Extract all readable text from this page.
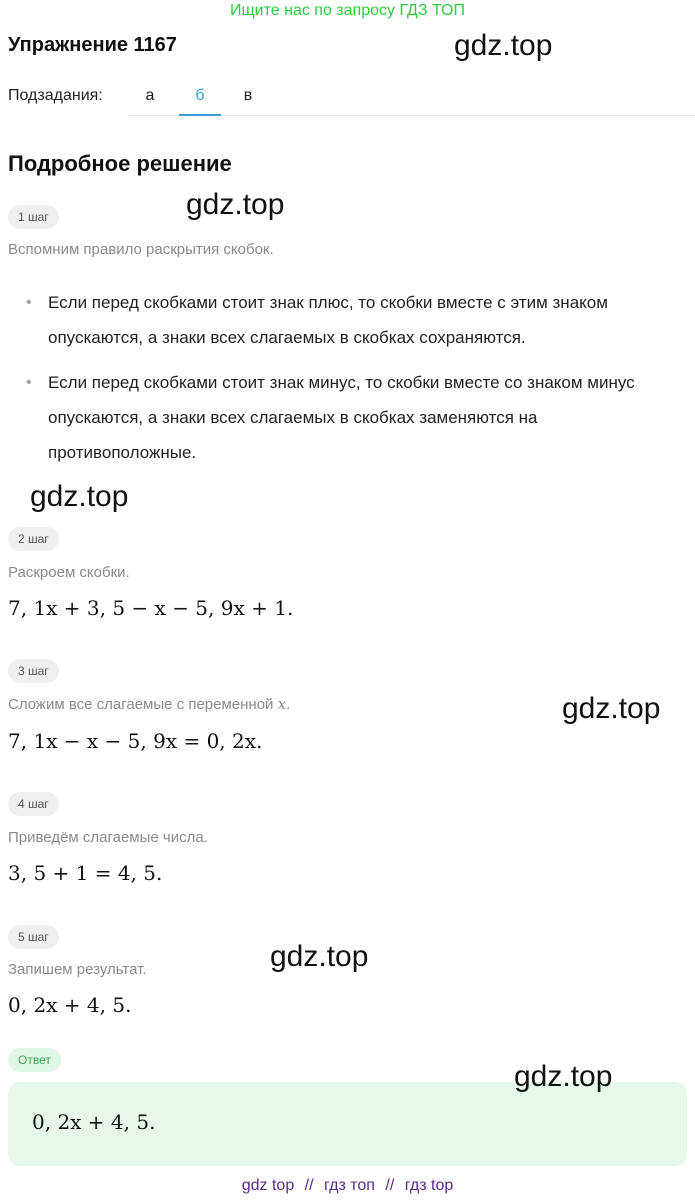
Ищите нас по запросу ГДЗ ТОП
Упражнение 1167
Подзадания:	а	б	в
Подробное решение
1 шаг
Вспомним правило раскрытия скобок.
• Если перед скобками стоит знак плюс, то скобки вместе с этим знаком опускаются, а знаки всех слагаемых в скобках сохраняются.
• Если перед скобками стоит знак минус, то скобки вместе со знаком минус опускаются, а знаки всех слагаемых в скобках заменяются на противоположные.
2 шаг
Раскроем скобки.
7, 1x + 3, 5 − x − 5, 9x + 1.
3 шаг
Сложим все слагаемые с переменной x.
7, 1x − x − 5, 9x = 0, 2x.
4 шаг
Приведём слагаемые числа.
3, 5 + 1 = 4, 5.
5 шаг
Запишем результат.
0, 2x + 4, 5.
Ответ
0, 2x + 4, 5.
gdz.top
gdz.top
gdz.top
gdz.top
gdz.top
gdz.top
gdz top // гдз топ // гдз top
